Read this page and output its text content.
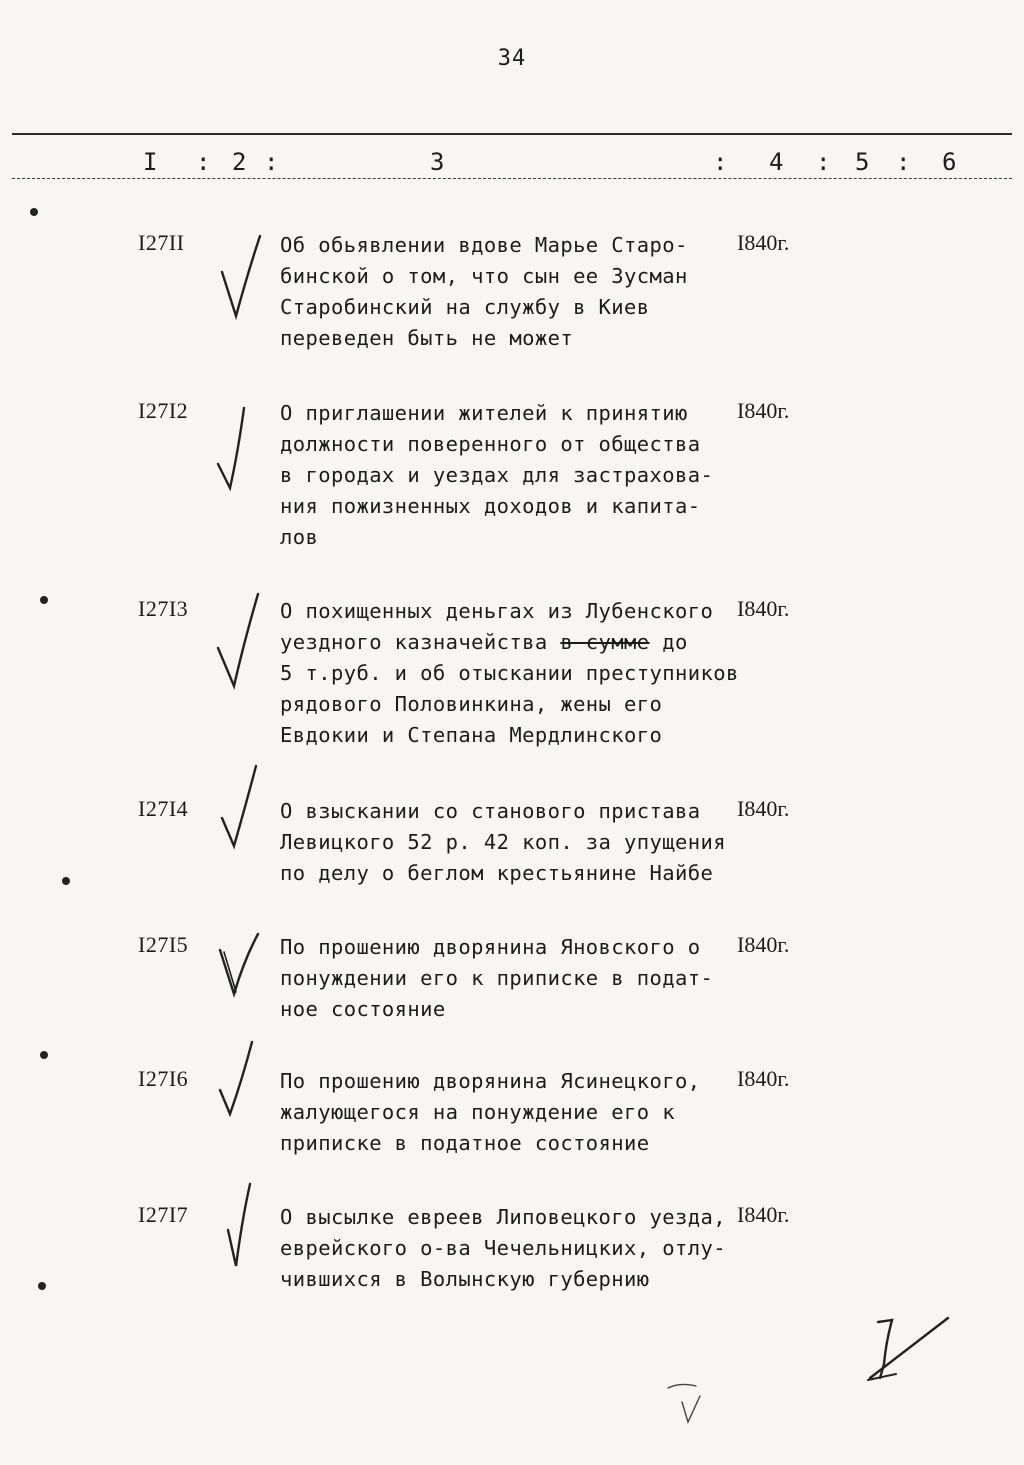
34
I : 2 :	3	: 4 : 5 : 6
I27II	Об обьявлении вдове Марье Старо-
бинской о том, что сын ее Зусман
Старобинский на службу в Киев
переведен быть не может
I840г.
I27I2	О приглашении жителей к принятию
должности поверенного от общества
в городах и уездах для застрахова-
ния пожизненных доходов и капита-
лов
I840г.
I27I3	О похищенных деньгах из Лубенского
уездного казначейства в сумме до
5 т.руб. и об отыскании преступников
рядового Половинкина, жены его
Евдокии и Степана Мердлинского
I840г.
I27I4	О взыскании со станового пристава
Левицкого 52 р. 42 коп. за упущения
по делу о беглом крестьянине Найбе
I840г.
I27I5	По прошению дворянина Яновского о
понуждении его к приписке в подат-
ное состояние
I840г.
I27I6	По прошению дворянина Ясинецкого,
жалующегося на понуждение его к
приписке в податное состояние
I840г.
I27I7	О высылке евреев Липовецкого уезда,
еврейского о-ва Чечельницких, отлу-
чившихся в Волынскую губернию
I840г.
